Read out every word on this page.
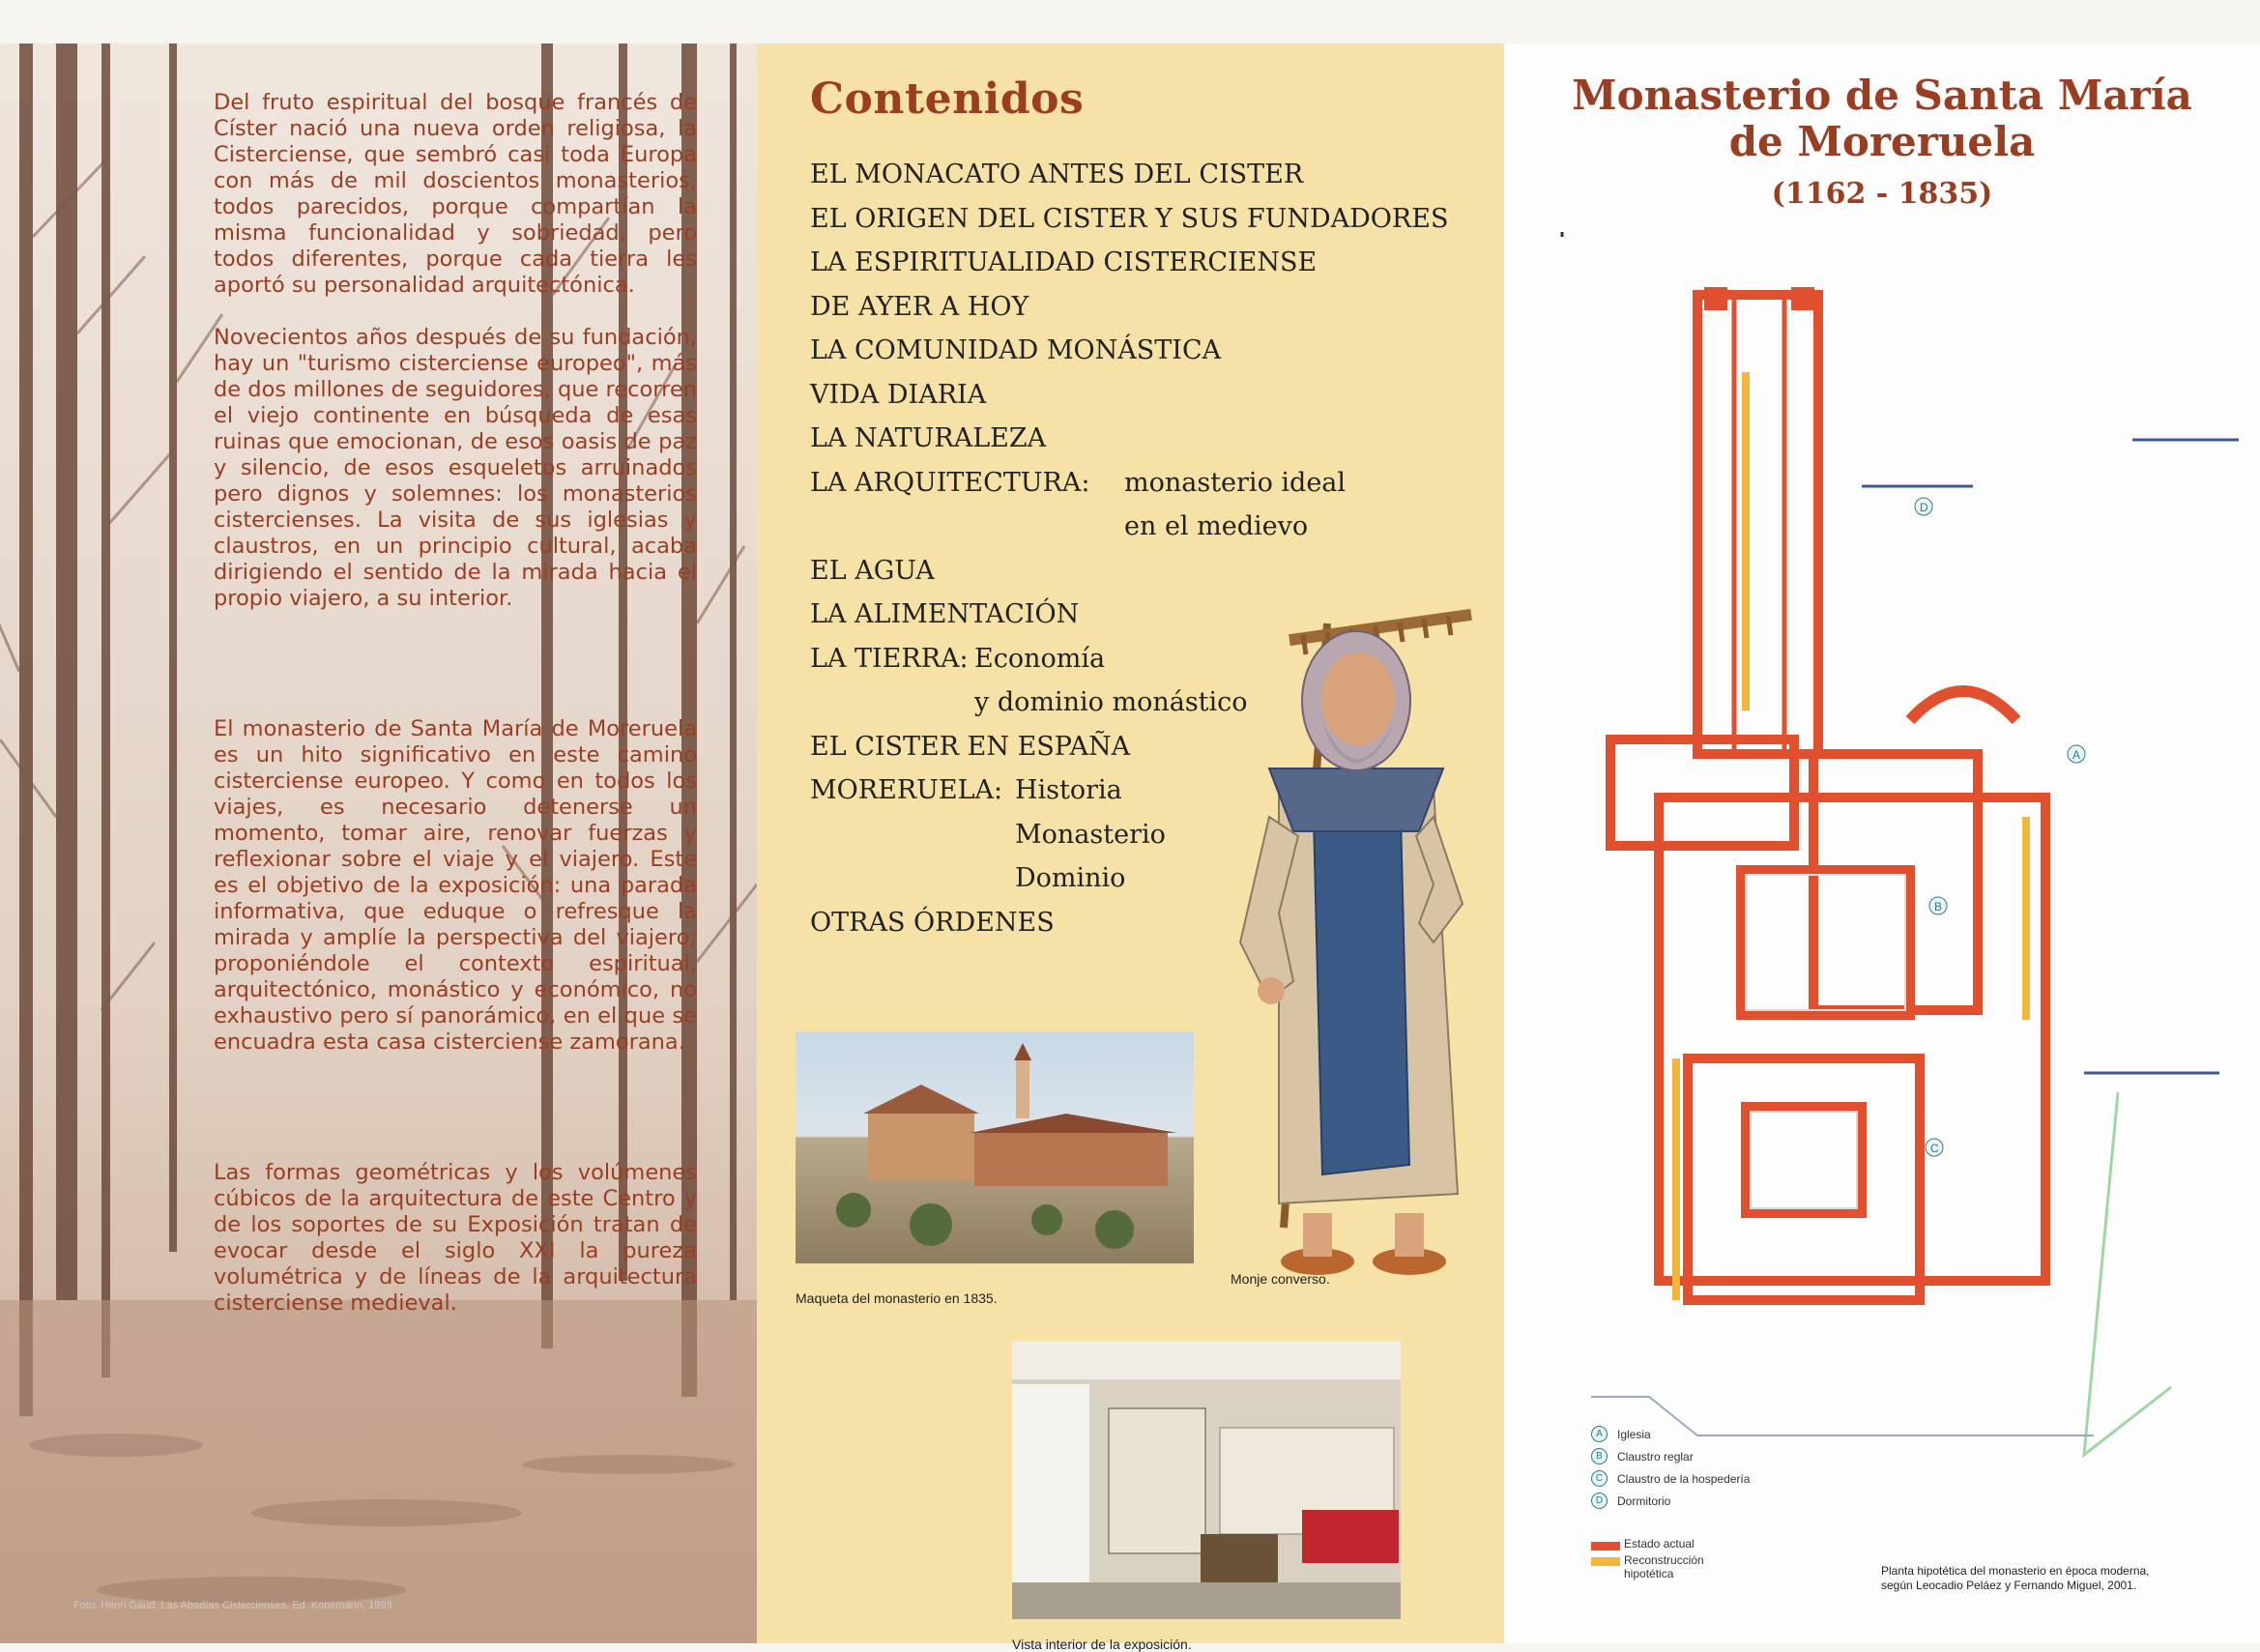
Del fruto espiritual del bosque francés de Císter nació una nueva orden religiosa, la Cisterciense, que sembró casi toda Europa con más de mil doscientos monasterios, todos parecidos, porque compartían la misma funcionalidad y sobriedad, pero todos diferentes, porque cada tierra les aportó su personalidad arquitectónica.

Novecientos años después de su fundación, hay un "turismo cisterciense europeo", más de dos millones de seguidores, que recorren el viejo continente en búsqueda de esas ruinas que emocionan, de esos oasis de paz y silencio, de esos esqueletos arruinados pero dignos y solemnes: los monasterios cistercienses. La visita de sus iglesias y claustros, en un principio cultural, acaba dirigiendo el sentido de la mirada hacia el propio viajero, a su interior.

El monasterio de Santa María de Moreruela es un hito significativo en este camino cisterciense europeo. Y como en todos los viajes, es necesario detenerse un momento, tomar aire, renovar fuerzas y reflexionar sobre el viaje y el viajero. Este es el objetivo de la exposición: una parada informativa, que eduque o refresque la mirada y amplíe la perspectiva del viajero; proponiéndole el contexto espiritual, arquitectónico, monástico y económico, no exhaustivo pero sí panorámico, en el que se encuadra esta casa cisterciense zamorana.

Las formas geométricas y los volúmenes cúbicos de la arquitectura de este Centro y de los soportes de su Exposición tratan de evocar desde el siglo XXI la pureza volumétrica y de líneas de la arquitectura cisterciense medieval.

Foto: Henri Gaud. Las Abadías Cistercienses. Ed. Konemann, 1999.
Contenidos
EL MONACATO ANTES DEL CISTER
EL ORIGEN DEL CISTER Y SUS FUNDADORES
LA ESPIRITUALIDAD CISTERCIENSE
DE AYER A HOY
LA COMUNIDAD MONÁSTICA
VIDA DIARIA
LA NATURALEZA
LA ARQUITECTURA: monasterio ideal
en el medievo
EL AGUA
LA ALIMENTACIÓN
LA TIERRA: Economía
y dominio monástico
EL CISTER EN ESPAÑA
MORERUELA: Historia
Monasterio
Dominio
OTRAS ÓRDENES
Maqueta del monasterio en 1835.
Monje converso.
Vista interior de la exposición.
Monasterio de Santa María
de Moreruela
(1162 - 1835)
A
B
C
D
A	Iglesia
B	Claustro reglar
C	Claustro de la hospedería
D	Dormitorio
Estado actual
Reconstrucción hipotética	Planta hipotética del monasterio en época moderna,
según Leocadio Peláez y Fernando Miguel, 2001.
